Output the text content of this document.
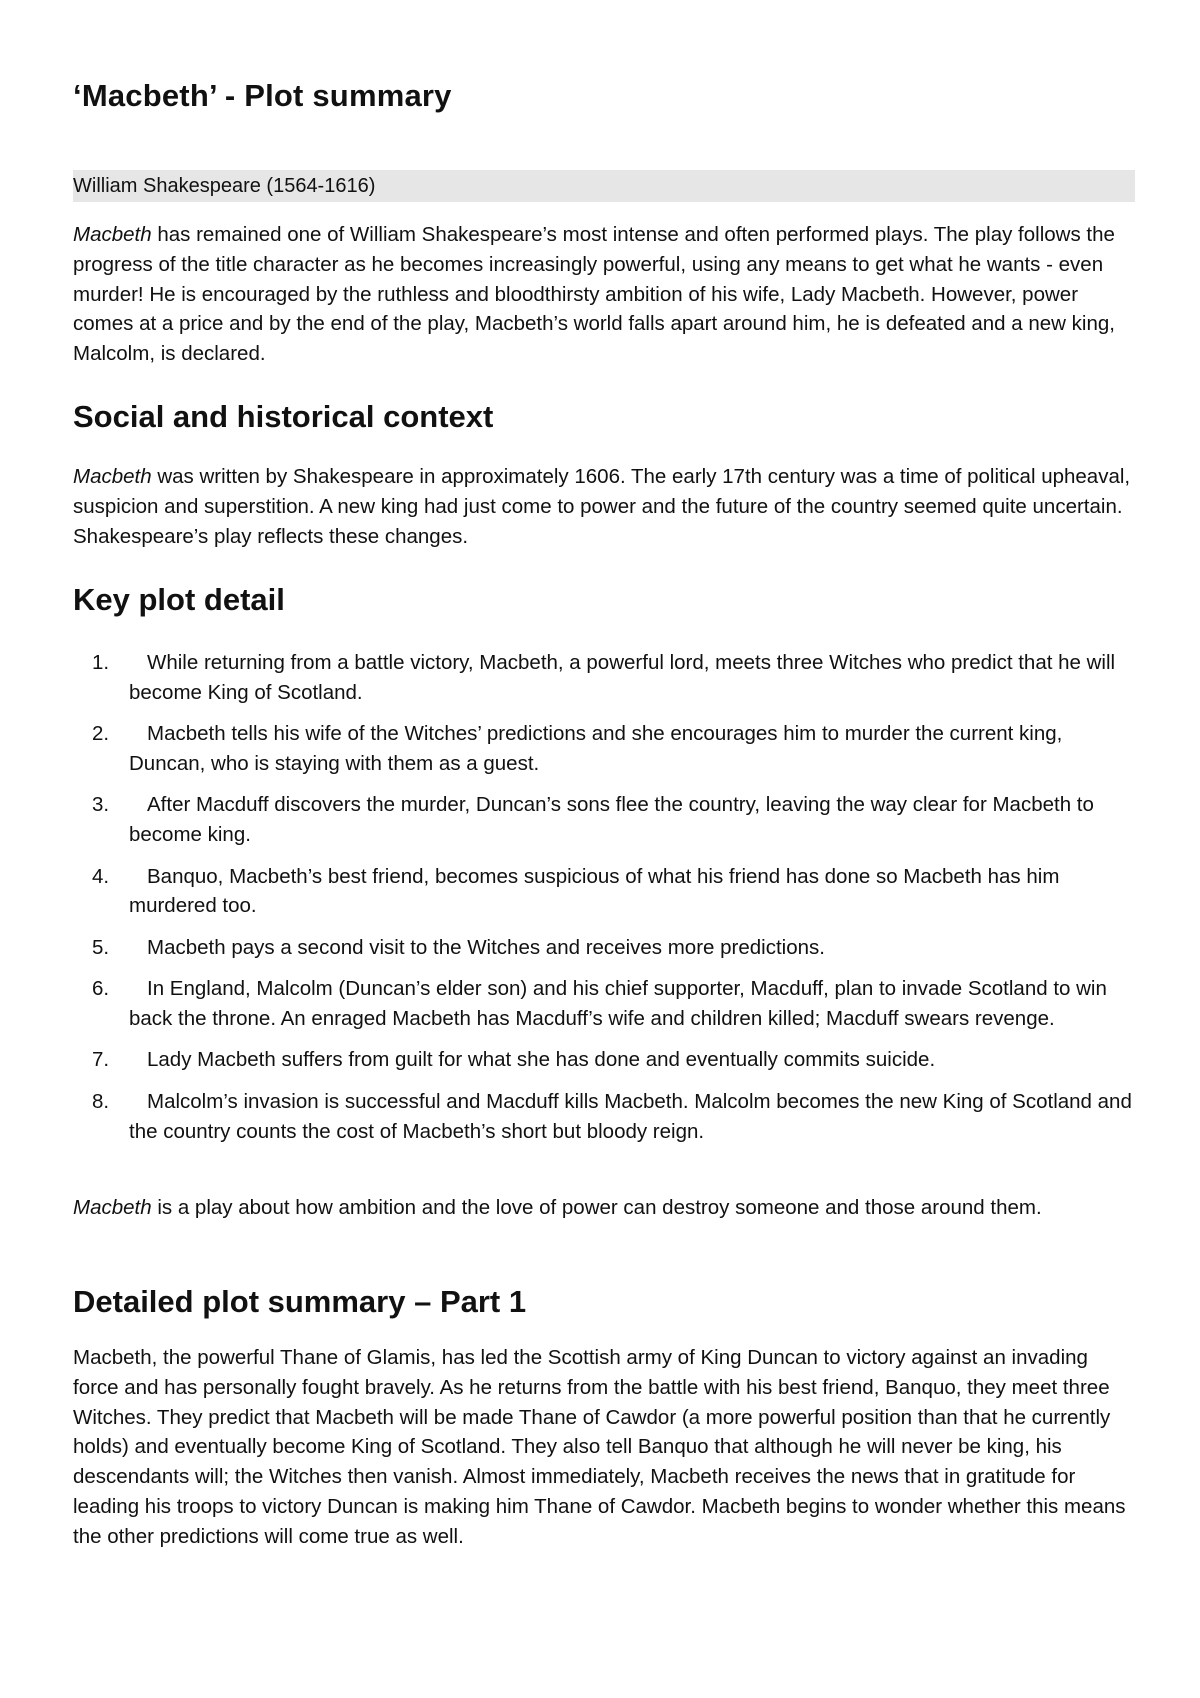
‘Macbeth’ - Plot summary
William Shakespeare (1564-1616)

Macbeth has remained one of William Shakespeare’s most intense and often performed plays. The play follows the progress of the title character as he becomes increasingly powerful, using any means to get what he wants - even murder! He is encouraged by the ruthless and bloodthirsty ambition of his wife, Lady Macbeth. However, power comes at a price and by the end of the play, Macbeth’s world falls apart around him, he is defeated and a new king, Malcolm, is declared.

Social and historical context

Macbeth was written by Shakespeare in approximately 1606. The early 17th century was a time of political upheaval, suspicion and superstition. A new king had just come to power and the future of the country seemed quite uncertain. Shakespeare’s play reflects these changes.

Key plot detail
1.	While returning from a battle victory, Macbeth, a powerful lord, meets three Witches who predict that he will become King of Scotland.
2.	Macbeth tells his wife of the Witches’ predictions and she encourages him to murder the current king, Duncan, who is staying with them as a guest.
3.	After Macduff discovers the murder, Duncan’s sons flee the country, leaving the way clear for Macbeth to become king.
4.	Banquo, Macbeth’s best friend, becomes suspicious of what his friend has done so Macbeth has him murdered too.
5.	Macbeth pays a second visit to the Witches and receives more predictions.
6.	In England, Malcolm (Duncan’s elder son) and his chief supporter, Macduff, plan to invade Scotland to win back the throne. An enraged Macbeth has Macduff’s wife and children killed; Macduff swears revenge.
7.	Lady Macbeth suffers from guilt for what she has done and eventually commits suicide.
8.	Malcolm’s invasion is successful and Macduff kills Macbeth. Malcolm becomes the new King of Scotland and the country counts the cost of Macbeth’s short but bloody reign.

Macbeth is a play about how ambition and the love of power can destroy someone and those around them.

Detailed plot summary – Part 1

Macbeth, the powerful Thane of Glamis, has led the Scottish army of King Duncan to victory against an invading force and has personally fought bravely. As he returns from the battle with his best friend, Banquo, they meet three Witches. They predict that Macbeth will be made Thane of Cawdor (a more powerful position than that he currently holds) and eventually become King of Scotland. They also tell Banquo that although he will never be king, his descendants will; the Witches then vanish. Almost immediately, Macbeth receives the news that in gratitude for leading his troops to victory Duncan is making him Thane of Cawdor. Macbeth begins to wonder whether this means the other predictions will come true as well.
